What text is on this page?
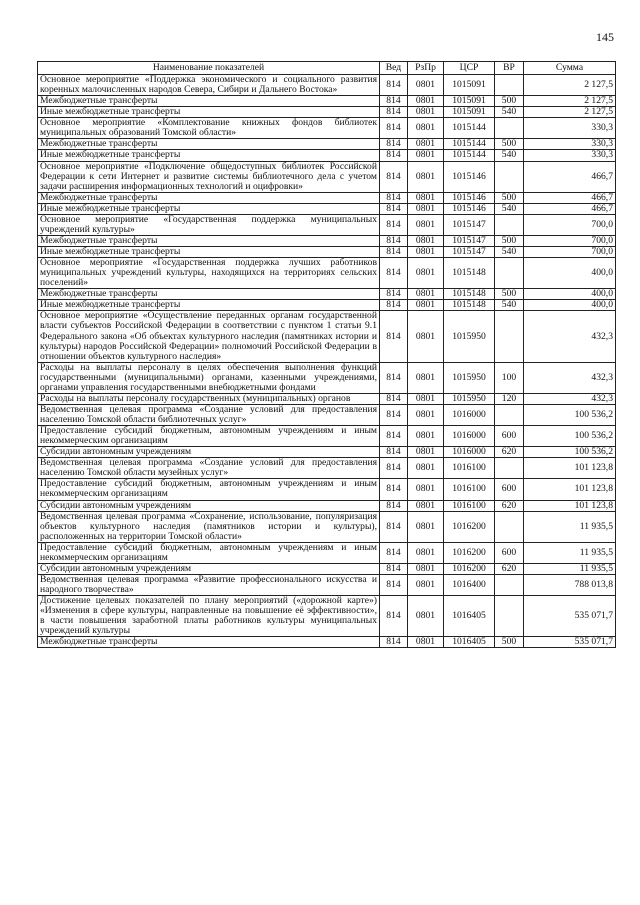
145
Наименование показателей	Вед	РзПр	ЦСР	ВР	Сумма
Основное мероприятие «Поддержка экономического и социального развития коренных малочисленных народов Севера, Сибири и Дальнего Востока»	814	0801	1015091		2 127,5
Межбюджетные трансферты	814	0801	1015091	500	2 127,5
Иные межбюджетные трансферты	814	0801	1015091	540	2 127,5
Основное мероприятие «Комплектование книжных фондов библиотек муниципальных образований Томской области»	814	0801	1015144		330,3
Межбюджетные трансферты	814	0801	1015144	500	330,3
Иные межбюджетные трансферты	814	0801	1015144	540	330,3
Основное мероприятие «Подключение общедоступных библиотек Российской Федерации к сети Интернет и развитие системы библиотечного дела с учетом задачи расширения информационных технологий и оцифровки»	814	0801	1015146		466,7
Межбюджетные трансферты	814	0801	1015146	500	466,7
Иные межбюджетные трансферты	814	0801	1015146	540	466,7
Основное мероприятие «Государственная поддержка муниципальных учреждений культуры»	814	0801	1015147		700,0
Межбюджетные трансферты	814	0801	1015147	500	700,0
Иные межбюджетные трансферты	814	0801	1015147	540	700,0
Основное мероприятие «Государственная поддержка лучших работников муниципальных учреждений культуры, находящихся на территориях сельских поселений»	814	0801	1015148		400,0
Межбюджетные трансферты	814	0801	1015148	500	400,0
Иные межбюджетные трансферты	814	0801	1015148	540	400,0
Основное мероприятие «Осуществление переданных органам государственной власти субъектов Российской Федерации в соответствии с пунктом 1 статьи 9.1 Федерального закона «Об объектах культурного наследия (памятниках истории и культуры) народов Российской Федерации» полномочий Российской Федерации в отношении объектов культурного наследия»	814	0801	1015950		432,3
Расходы на выплаты персоналу в целях обеспечения выполнения функций государственными (муниципальными) органами, казенными учреждениями, органами управления государственными внебюджетными фондами	814	0801	1015950	100	432,3
Расходы на выплаты персоналу государственных (муниципальных) органов	814	0801	1015950	120	432,3
Ведомственная целевая программа «Создание условий для предоставления населению Томской области библиотечных услуг»	814	0801	1016000		100 536,2
Предоставление субсидий бюджетным, автономным учреждениям и иным некоммерческим организациям	814	0801	1016000	600	100 536,2
Субсидии автономным учреждениям	814	0801	1016000	620	100 536,2
Ведомственная целевая программа «Создание условий для предоставления населению Томской области музейных услуг»	814	0801	1016100		101 123,8
Предоставление субсидий бюджетным, автономным учреждениям и иным некоммерческим организациям	814	0801	1016100	600	101 123,8
Субсидии автономным учреждениям	814	0801	1016100	620	101 123,8
Ведомственная целевая программа «Сохранение, использование, популяризация объектов культурного наследия (памятников истории и культуры), расположенных на территории Томской области»	814	0801	1016200		11 935,5
Предоставление субсидий бюджетным, автономным учреждениям и иным некоммерческим организациям	814	0801	1016200	600	11 935,5
Субсидии автономным учреждениям	814	0801	1016200	620	11 935,5
Ведомственная целевая программа «Развитие профессионального искусства и народного творчества»	814	0801	1016400		788 013,8
Достижение целевых показателей по плану мероприятий («дорожной карте») «Изменения в сфере культуры, направленные на повышение её эффективности», в части повышения заработной платы работников культуры муниципальных учреждений культуры	814	0801	1016405		535 071,7
Межбюджетные трансферты	814	0801	1016405	500	535 071,7
